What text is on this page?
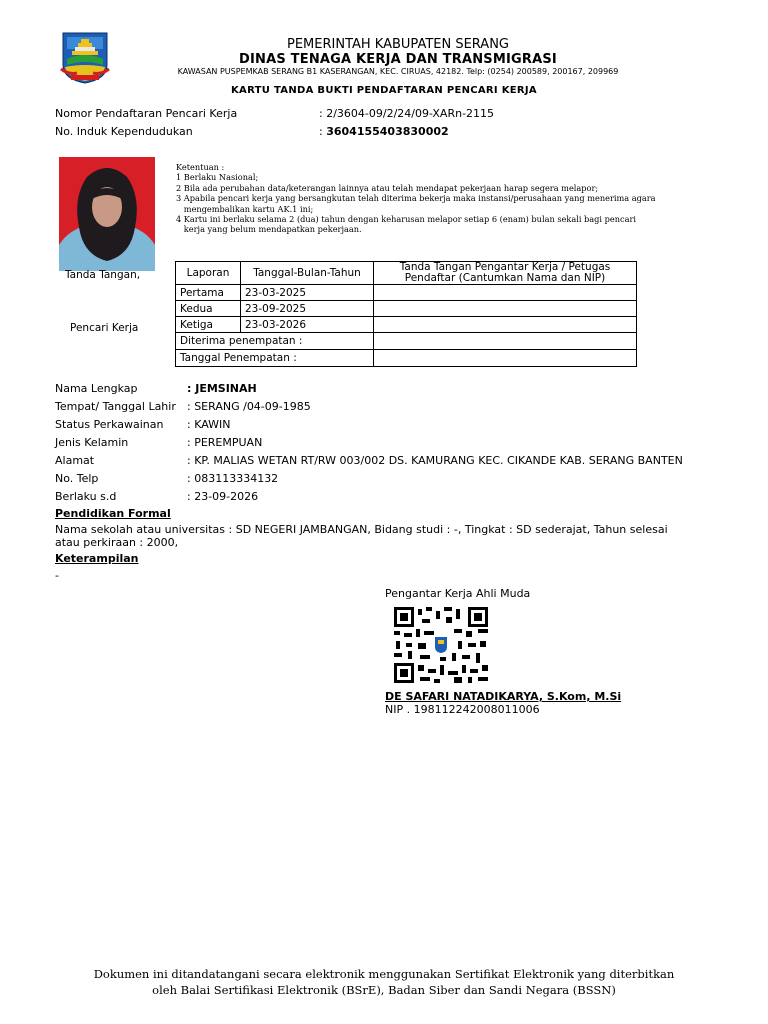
PEMERINTAH KABUPATEN SERANG
DINAS TENAGA KERJA DAN TRANSMIGRASI
KAWASAN PUSPEMKAB SERANG B1 KASERANGAN, KEC. CIRUAS, 42182. Telp: (0254) 200589, 200167, 209969
KARTU TANDA BUKTI PENDAFTARAN PENCARI KERJA
Nomor Pendaftaran Pencari Kerja	: 2/3604-09/2/24/09-XARn-2115
No. Induk Kependudukan	: 3604155403830002
Tanda Tangan,
Pencari Kerja
Ketentuan :
1 Berlaku Nasional;
2 Bila ada perubahan data/keterangan lainnya atau telah mendapat pekerjaan harap segera melapor;
3 Apabila pencari kerja yang bersangkutan telah diterima bekerja maka instansi/perusahaan yang menerima agara
mengembalikan kartu AK.1 ini;
4 Kartu ini berlaku selama 2 (dua) tahun dengan keharusan melapor setiap 6 (enam) bulan sekali bagi pencari
kerja yang belum mendapatkan pekerjaan.
Laporan	Tanggal-Bulan-Tahun	Tanda Tangan Pengantar Kerja / Petugas
Pendaftar (Cantumkan Nama dan NIP)

Pertama	23-03-2025	
Kedua	23-09-2025	
Ketiga	23-03-2026	
Diterima penempatan :		
Tanggal Penempatan :		
Nama Lengkap	: JEMSINAH
Tempat/ Tanggal Lahir : SERANG /04-09-1985
Status Perkawainan : KAWIN
Jenis Kelamin	: PEREMPUAN
Alamat	: KP. MALIAS WETAN RT/RW 003/002 DS. KAMURANG KEC. CIKANDE KAB. SERANG BANTEN
No. Telp	: 083113334132
Berlaku s.d	: 23-09-2026
Pendidikan Formal
Nama sekolah atau universitas : SD NEGERI JAMBANGAN, Bidang studi : -, Tingkat : SD sederajat, Tahun selesai
atau perkiraan : 2000,
Keterampilan
-
Pengantar Kerja Ahli Muda
DE SAFARI NATADIKARYA, S.Kom, M.Si
NIP . 198112242008011006
Dokumen ini ditandatangani secara elektronik menggunakan Sertifikat Elektronik yang diterbitkan
oleh Balai Sertifikasi Elektronik (BSrE), Badan Siber dan Sandi Negara (BSSN)
